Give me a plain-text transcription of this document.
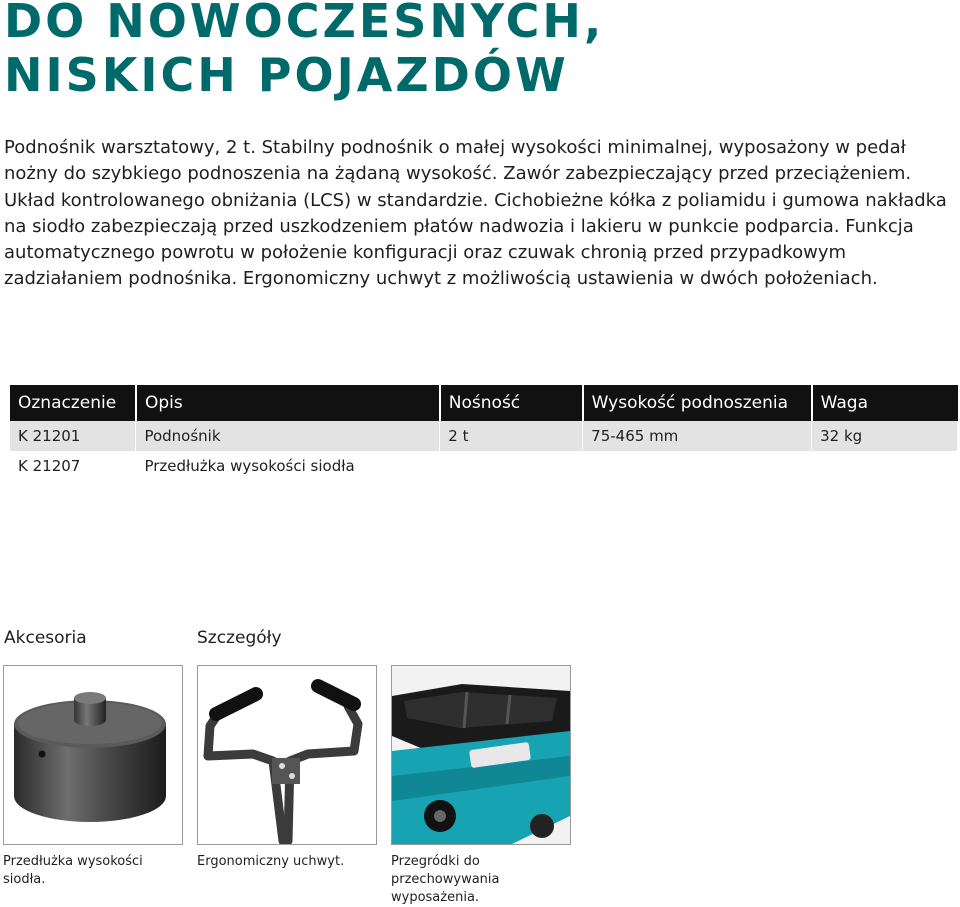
DO NOWOCZESNYCH,
NISKICH POJAZDÓW

Podnośnik warsztatowy, 2 t. Stabilny podnośnik o małej wysokości minimalnej, wyposażony w pedał nożny do szybkiego podnoszenia na żądaną wysokość. Zawór zabezpieczający przed przeciążeniem. Układ kontrolowanego obniżania (LCS) w standardzie. Cichobieżne kółka z poliamidu i gumowa nakładka na siodło zabezpieczają przed uszkodzeniem płatów nadwozia i lakieru w punkcie podparcia. Funkcja automatycznego powrotu w położenie konfiguracji oraz czuwak chronią przed przypadkowym zadziałaniem podnośnika. Ergonomiczny uchwyt z możliwością ustawienia w dwóch położeniach.

Oznaczenie	Opis	Nośność	Wysokość podnoszenia	Waga
K 21201	Podnośnik	2 t	75-465 mm	32 kg
K 21207	Przedłużka wysokości siodła			
Akcesoria	Szczegóły
Przedłużka wysokości siodła.
Ergonomiczny uchwyt.	Przegródki do przechowywania wyposażenia.
